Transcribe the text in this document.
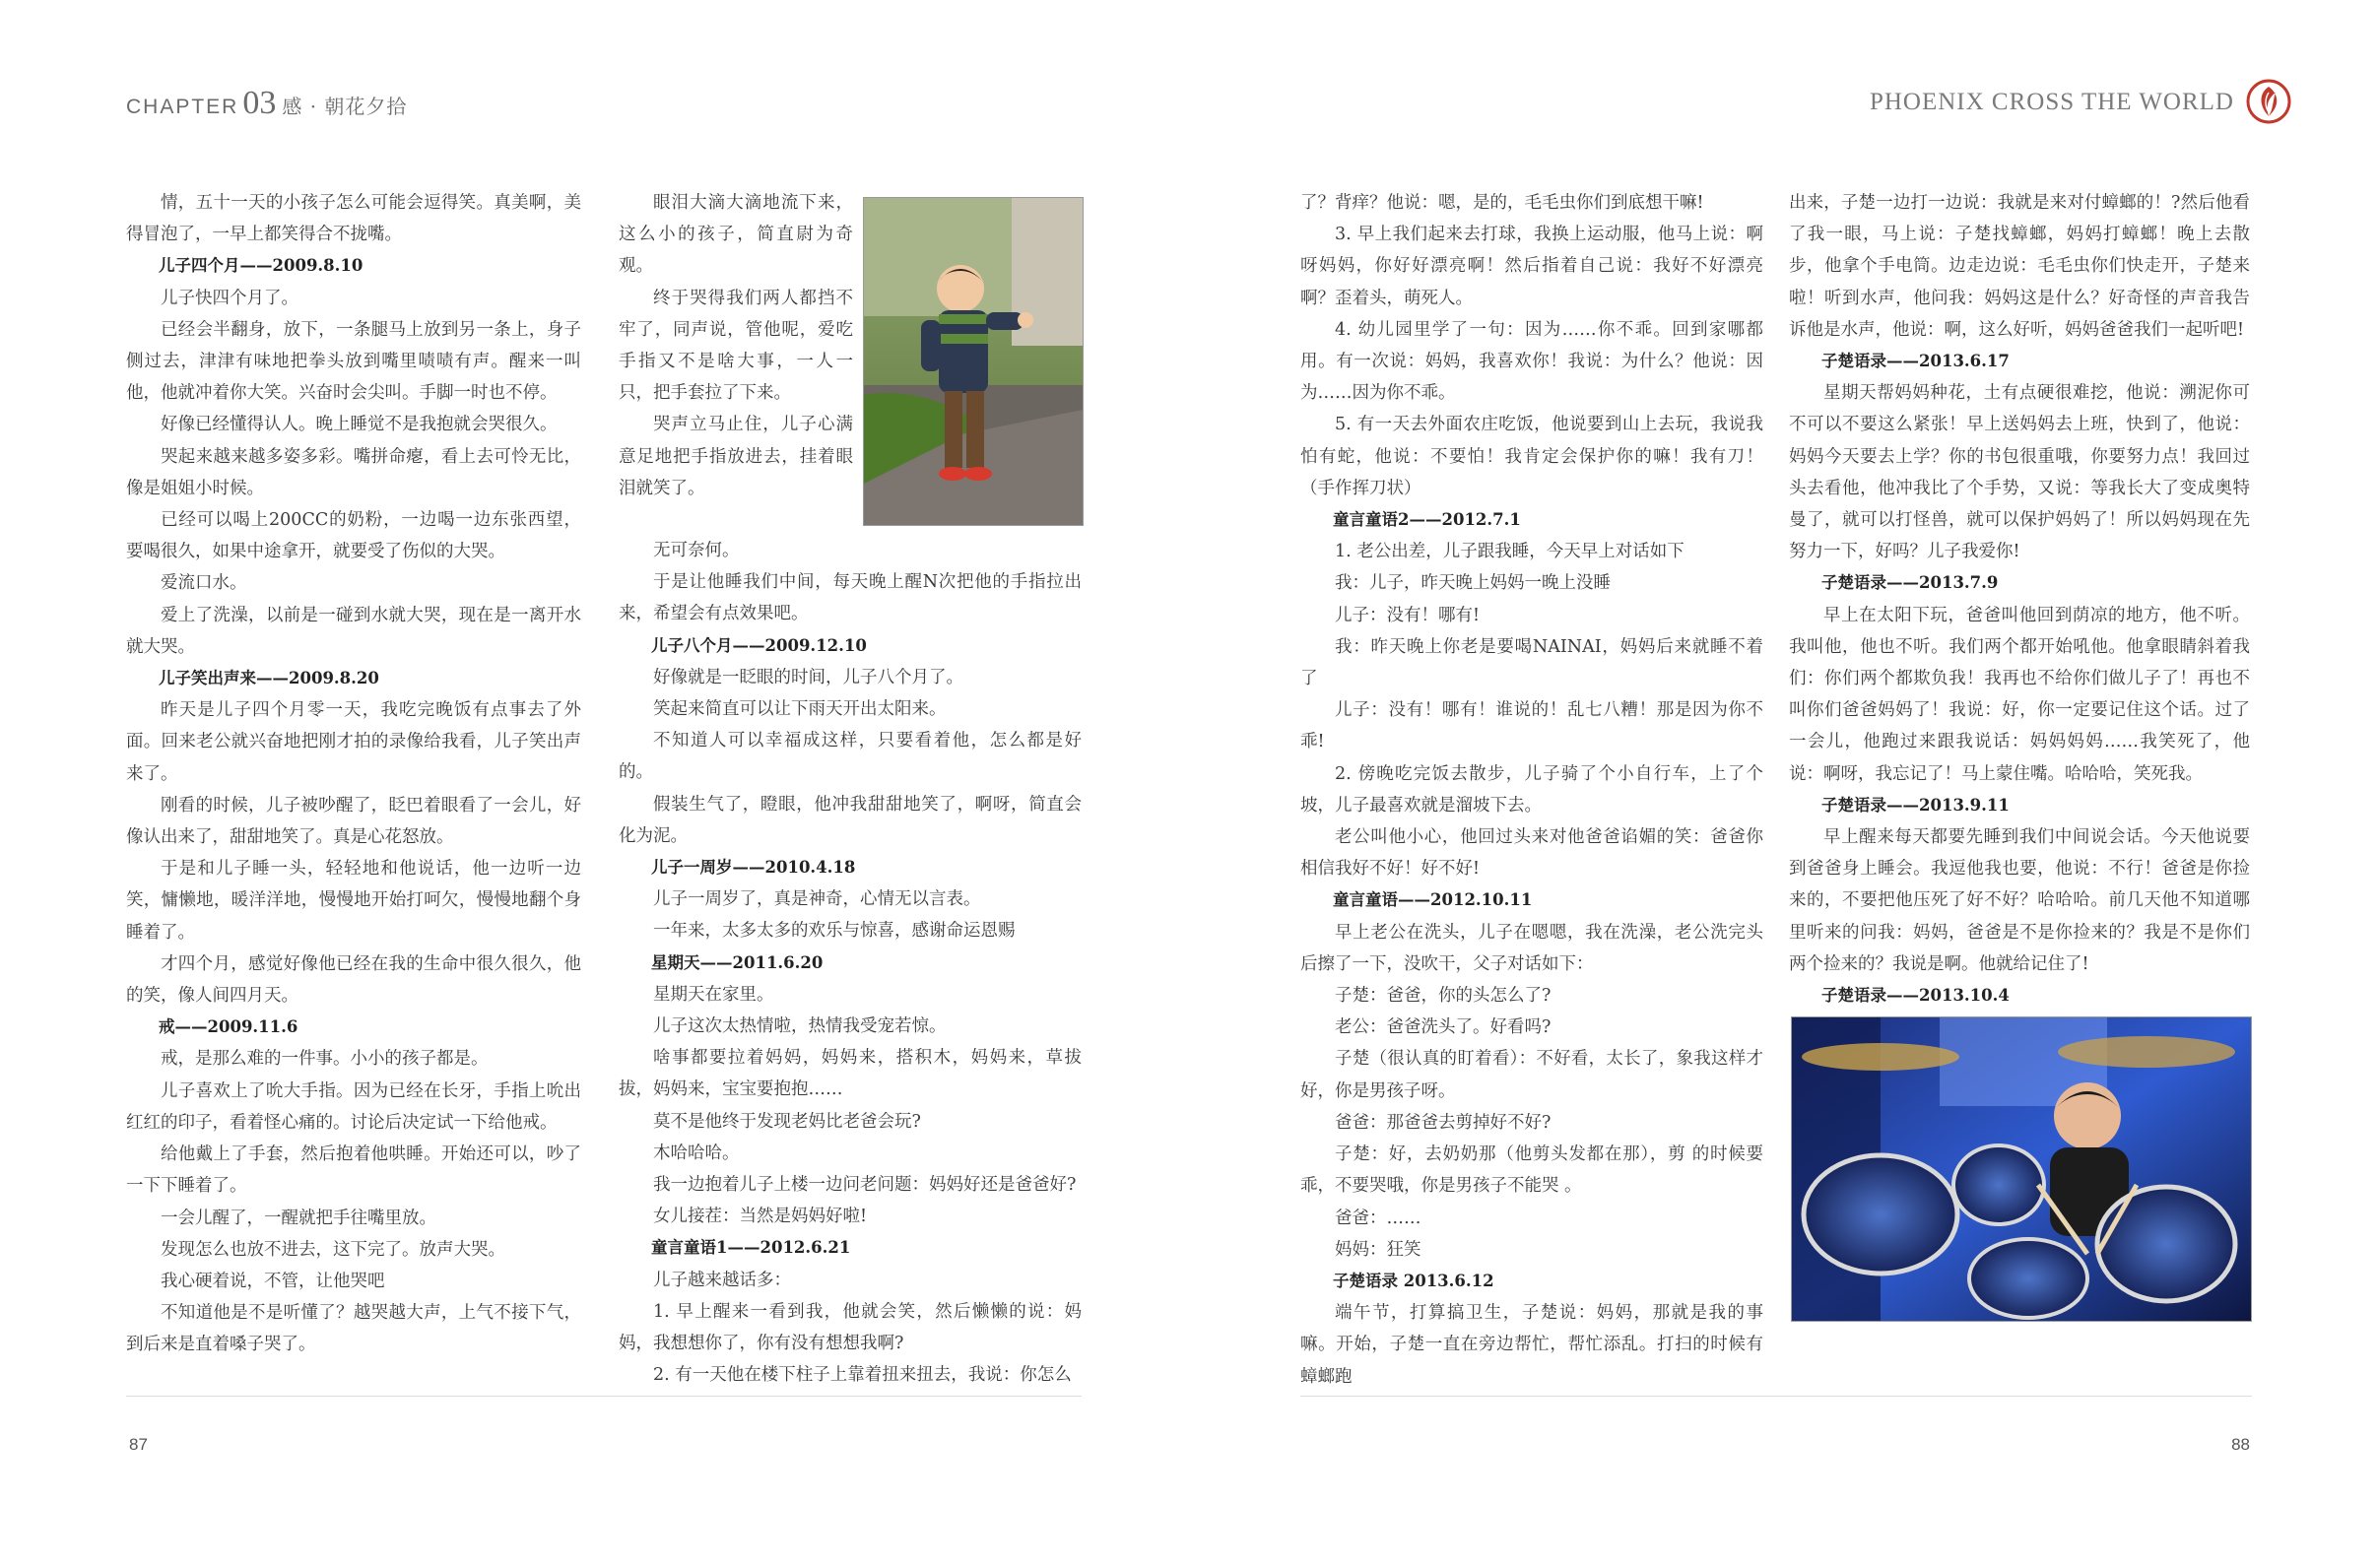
CHAPTER 03 感 · 朝花夕拾	PHOENIX CROSS THE WORLD

情，五十一天的小孩子怎么可能会逗得笑。真美啊，美得冒泡了，一早上都笑得合不拢嘴。

儿子四个月——2009.8.10

儿子快四个月了。

已经会半翻身，放下，一条腿马上放到另一条上，身子侧过去，津津有味地把拳头放到嘴里啧啧有声。醒来一叫他，他就冲着你大笑。兴奋时会尖叫。手脚一时也不停。

好像已经懂得认人。晚上睡觉不是我抱就会哭很久。

哭起来越来越多姿多彩。嘴拼命瘪，看上去可怜无比，像是姐姐小时候。

已经可以喝上200CC的奶粉，一边喝一边东张西望，要喝很久，如果中途拿开，就要受了伤似的大哭。

爱流口水。

爱上了洗澡，以前是一碰到水就大哭，现在是一离开水就大哭。

儿子笑出声来——2009.8.20

昨天是儿子四个月零一天，我吃完晚饭有点事去了外面。回来老公就兴奋地把刚才拍的录像给我看，儿子笑出声来了。

刚看的时候，儿子被吵醒了，眨巴着眼看了一会儿，好像认出来了，甜甜地笑了。真是心花怒放。

于是和儿子睡一头，轻轻地和他说话，他一边听一边笑，慵懒地，暖洋洋地，慢慢地开始打呵欠，慢慢地翻个身睡着了。

才四个月，感觉好像他已经在我的生命中很久很久，他的笑，像人间四月天。

戒——2009.11.6

戒，是那么难的一件事。小小的孩子都是。

儿子喜欢上了吮大手指。因为已经在长牙，手指上吮出红红的印子，看着怪心痛的。讨论后决定试一下给他戒。

给他戴上了手套，然后抱着他哄睡。开始还可以，吵了一下下睡着了。

一会儿醒了，一醒就把手往嘴里放。

发现怎么也放不进去，这下完了。放声大哭。

我心硬着说，不管，让他哭吧

不知道他是不是听懂了？越哭越大声，上气不接下气，到后来是直着嗓子哭了。

眼泪大滴大滴地流下来，这么小的孩子，简直尉为奇观。

终于哭得我们两人都挡不牢了，同声说，管他呢，爱吃手指又不是啥大事，一人一只，把手套拉了下来。

哭声立马止住，儿子心满意足地把手指放进去，挂着眼泪就笑了。

无可奈何。

于是让他睡我们中间，每天晚上醒N次把他的手指拉出来，希望会有点效果吧。

儿子八个月——2009.12.10

好像就是一眨眼的时间，儿子八个月了。

笑起来简直可以让下雨天开出太阳来。

不知道人可以幸福成这样，只要看着他，怎么都是好的。

假装生气了，瞪眼，他冲我甜甜地笑了，啊呀，简直会化为泥。

儿子一周岁——2010.4.18

儿子一周岁了，真是神奇，心情无以言表。

一年来，太多太多的欢乐与惊喜，感谢命运恩赐

星期天——2011.6.20

星期天在家里。

儿子这次太热情啦，热情我受宠若惊。

啥事都要拉着妈妈，妈妈来，搭积木，妈妈来，草拔拔，妈妈来，宝宝要抱抱……

莫不是他终于发现老妈比老爸会玩?

木哈哈哈。

我一边抱着儿子上楼一边问老问题：妈妈好还是爸爸好?

女儿接茬：当然是妈妈好啦!

童言童语1——2012.6.21

儿子越来越话多：

1. 早上醒来一看到我，他就会笑，然后懒懒的说：妈妈，我想想你了，你有没有想想我啊?

2. 有一天他在楼下柱子上靠着扭来扭去，我说：你怎么

了？背痒？他说：嗯，是的，毛毛虫你们到底想干嘛!

3. 早上我们起来去打球，我换上运动服，他马上说：啊呀妈妈，你好好漂亮啊！然后指着自己说：我好不好漂亮啊？歪着头，萌死人。

4. 幼儿园里学了一句：因为……你不乖。回到家哪都用。有一次说：妈妈，我喜欢你！我说：为什么？他说：因为……因为你不乖。

5. 有一天去外面农庄吃饭，他说要到山上去玩，我说我怕有蛇，他说：不要怕！我肯定会保护你的嘛！我有刀！（手作挥刀状）

童言童语2——2012.7.1

1. 老公出差，儿子跟我睡，今天早上对话如下

我：儿子，昨天晚上妈妈一晚上没睡

儿子：没有！哪有!

我：昨天晚上你老是要喝NAINAI，妈妈后来就睡不着了

儿子：没有！哪有！谁说的！乱七八糟！那是因为你不乖!

2. 傍晚吃完饭去散步，儿子骑了个小自行车，上了个坡，儿子最喜欢就是溜坡下去。

老公叫他小心，他回过头来对他爸爸谄媚的笑：爸爸你相信我好不好！好不好!

童言童语——2012.10.11

早上老公在洗头，儿子在嗯嗯，我在洗澡，老公洗完头后擦了一下，没吹干，父子对话如下：

子楚：爸爸，你的头怎么了?

老公：爸爸洗头了。好看吗?

子楚（很认真的盯着看）：不好看，太长了，象我这样才好，你是男孩子呀。

爸爸：那爸爸去剪掉好不好?

子楚：好，去奶奶那（他剪头发都在那），剪 的时候要乖，不要哭哦，你是男孩子不能哭 。

爸爸：……

妈妈：狂笑

子楚语录 2013.6.12

端午节，打算搞卫生，子楚说：妈妈，那就是我的事嘛。开始，子楚一直在旁边帮忙，帮忙添乱。打扫的时候有蟑螂跑

出来，子楚一边打一边说：我就是来对付蟑螂的！?然后他看了我一眼，马上说：子楚找蟑螂，妈妈打蟑螂！晚上去散步，他拿个手电筒。边走边说：毛毛虫你们快走开，子楚来啦！听到水声，他问我：妈妈这是什么？好奇怪的声音我告诉他是水声，他说：啊，这么好听，妈妈爸爸我们一起听吧!

子楚语录——2013.6.17

星期天帮妈妈种花，土有点硬很难挖，他说：溯泥你可不可以不要这么紧张！早上送妈妈去上班，快到了，他说：妈妈今天要去上学？你的书包很重哦，你要努力点！我回过头去看他，他冲我比了个手势，又说：等我长大了变成奥特曼了，就可以打怪兽，就可以保护妈妈了！所以妈妈现在先努力一下，好吗？儿子我爱你!

子楚语录——2013.7.9

早上在太阳下玩，爸爸叫他回到荫凉的地方，他不听。我叫他，他也不听。我们两个都开始吼他。他拿眼睛斜着我们：你们两个都欺负我！我再也不给你们做儿子了！再也不叫你们爸爸妈妈了！我说：好，你一定要记住这个话。过了一会儿，他跑过来跟我说话：妈妈妈妈……我笑死了，他说：啊呀，我忘记了！马上蒙住嘴。哈哈哈，笑死我。

子楚语录——2013.9.11

早上醒来每天都要先睡到我们中间说会话。今天他说要到爸爸身上睡会。我逗他我也要，他说：不行！爸爸是你捡来的，不要把他压死了好不好？哈哈哈。前几天他不知道哪里听来的问我：妈妈，爸爸是不是你捡来的？我是不是你们两个捡来的？我说是啊。他就给记住了!

子楚语录——2013.10.4

87	88
